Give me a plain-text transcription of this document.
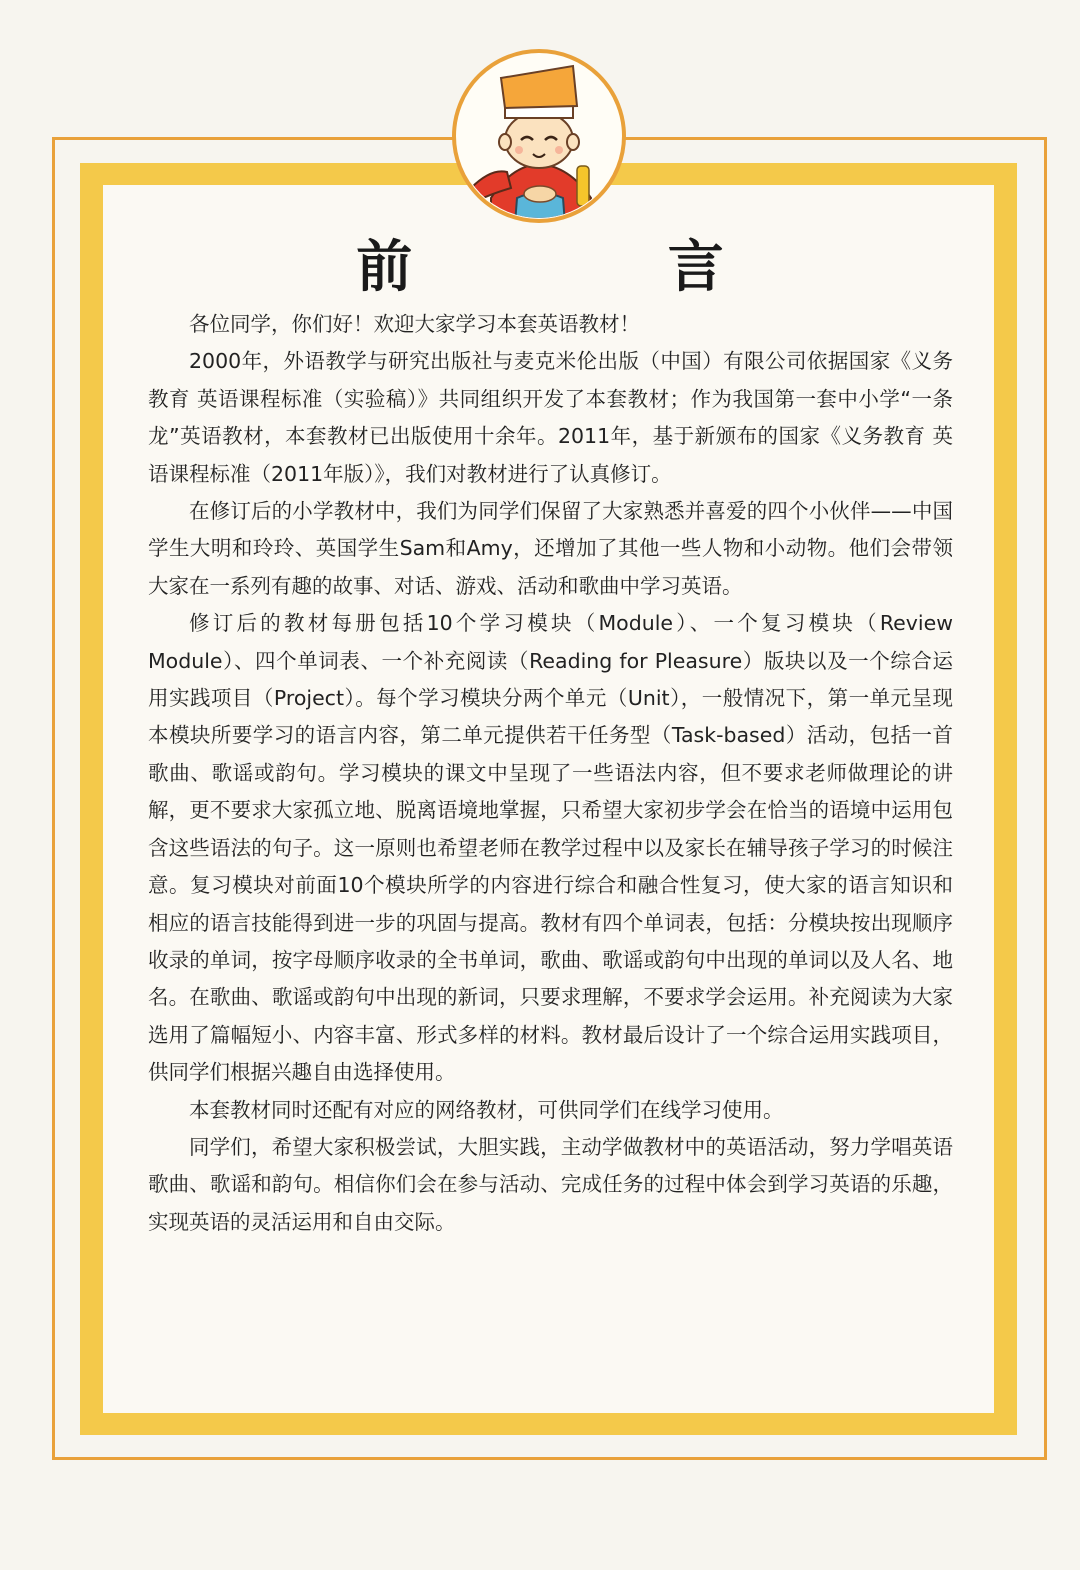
前 言

各位同学，你们好！欢迎大家学习本套英语教材！

2000年，外语教学与研究出版社与麦克米伦出版（中国）有限公司依据国家《义务教育 英语课程标准（实验稿）》共同组织开发了本套教材；作为我国第一套中小学“一条龙”英语教材，本套教材已出版使用十余年。2011年，基于新颁布的国家《义务教育 英语课程标准（2011年版）》，我们对教材进行了认真修订。

在修订后的小学教材中，我们为同学们保留了大家熟悉并喜爱的四个小伙伴——中国学生大明和玲玲、英国学生Sam和Amy，还增加了其他一些人物和小动物。他们会带领大家在一系列有趣的故事、对话、游戏、活动和歌曲中学习英语。

修订后的教材每册包括10个学习模块（Module）、一个复习模块（Review Module）、四个单词表、一个补充阅读（Reading for Pleasure）版块以及一个综合运用实践项目（Project）。每个学习模块分两个单元（Unit），一般情况下，第一单元呈现本模块所要学习的语言内容，第二单元提供若干任务型（Task-based）活动，包括一首歌曲、歌谣或韵句。学习模块的课文中呈现了一些语法内容，但不要求老师做理论的讲解，更不要求大家孤立地、脱离语境地掌握，只希望大家初步学会在恰当的语境中运用包含这些语法的句子。这一原则也希望老师在教学过程中以及家长在辅导孩子学习的时候注意。复习模块对前面10个模块所学的内容进行综合和融合性复习，使大家的语言知识和相应的语言技能得到进一步的巩固与提高。教材有四个单词表，包括：分模块按出现顺序收录的单词，按字母顺序收录的全书单词，歌曲、歌谣或韵句中出现的单词以及人名、地名。在歌曲、歌谣或韵句中出现的新词，只要求理解，不要求学会运用。补充阅读为大家选用了篇幅短小、内容丰富、形式多样的材料。教材最后设计了一个综合运用实践项目，供同学们根据兴趣自由选择使用。

本套教材同时还配有对应的网络教材，可供同学们在线学习使用。

同学们，希望大家积极尝试，大胆实践，主动学做教材中的英语活动，努力学唱英语歌曲、歌谣和韵句。相信你们会在参与活动、完成任务的过程中体会到学习英语的乐趣，实现英语的灵活运用和自由交际。
